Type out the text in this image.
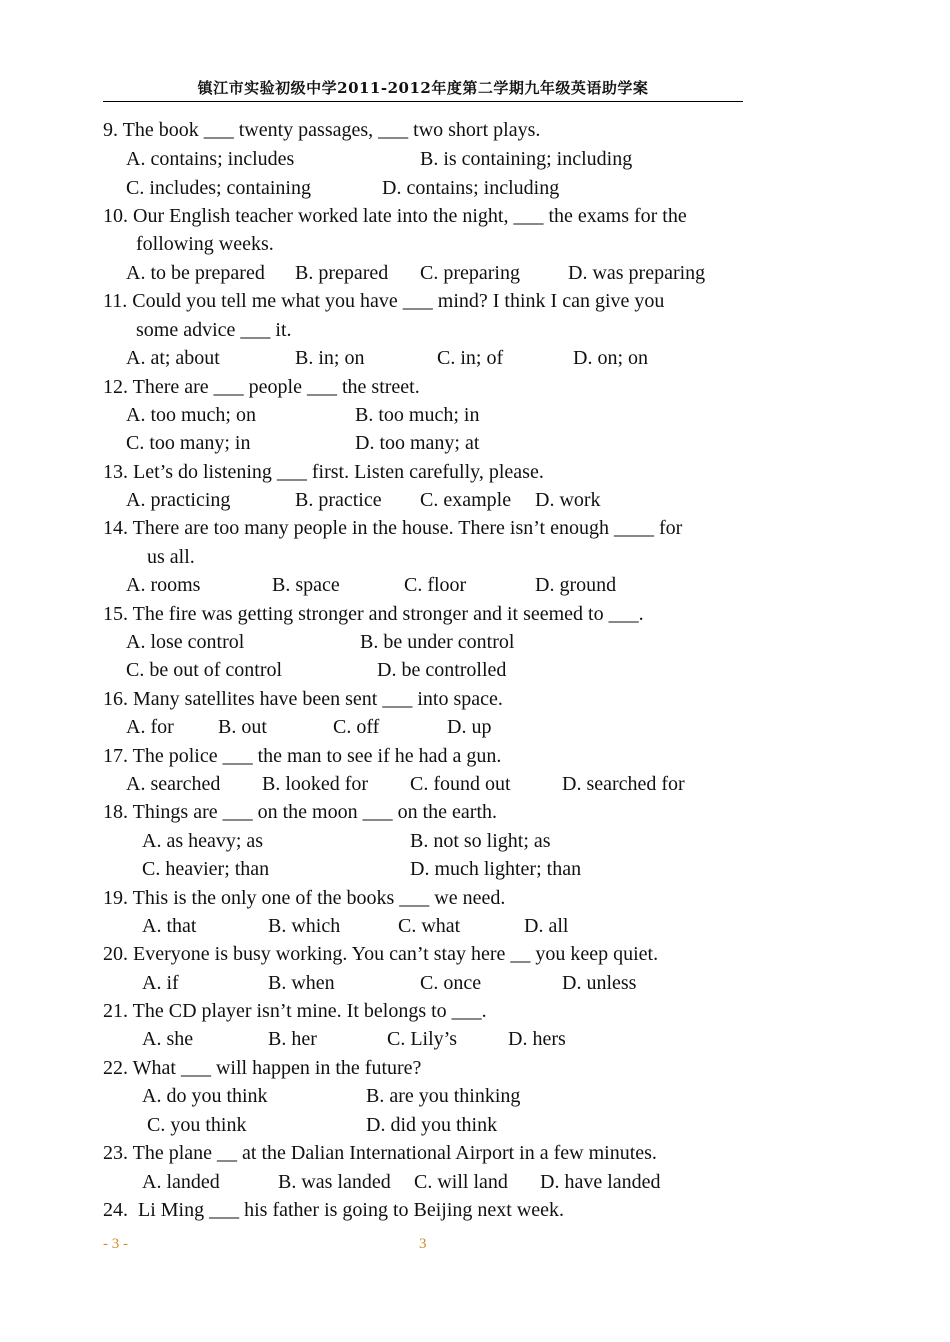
镇江市实验初级中学2011-2012年度第二学期九年级英语助学案
9. The book ___ twenty passages, ___ two short plays.
A. contains; includes	B. is containing; including
C. includes; containing	D. contains; including
10. Our English teacher worked late into the night, ___ the exams for the
following weeks.
A. to be prepared B. prepared C. preparing D. was preparing
11. Could you tell me what you have ___ mind? I think I can give you
some advice ___ it.
A. at; about	B. in; on	C. in; of	D. on; on
12. There are ___ people ___ the street.
A. too much; on	B. too much; in
C. too many; in	D. too many; at
13. Let’s do listening ___ first. Listen carefully, please.
A. practicing	B. practice C. example D. work
14. There are too many people in the house. There isn’t enough ____ for
us all.
A. rooms	B. space	C. floor	D. ground
15. The fire was getting stronger and stronger and it seemed to ___.
A. lose control	B. be under control
C. be out of control	D. be controlled
16. Many satellites have been sent ___ into space.
A. for B. out	C. off	D. up
17. The police ___ the man to see if he had a gun.
A. searched B. looked for C. found out	D. searched for
18. Things are ___ on the moon ___ on the earth.
A. as heavy; as	B. not so light; as
C. heavier; than	D. much lighter; than
19. This is the only one of the books ___ we need.
A. that	B. which	C. what	D. all
20. Everyone is busy working. You can’t stay here __ you keep quiet.
A. if	B. when	C. once	D. unless
21. The CD player isn’t mine. It belongs to ___.
A. she	B. her	C. Lily’s	D. hers
22. What ___ will happen in the future?
A. do you think	B. are you thinking
C. you think	D. did you think
23. The plane __ at the Dalian International Airport in a few minutes.
A. landed	B. was landed C. will land D. have landed
24.  Li Ming ___ his father is going to Beijing next week.
- 3 -	3
